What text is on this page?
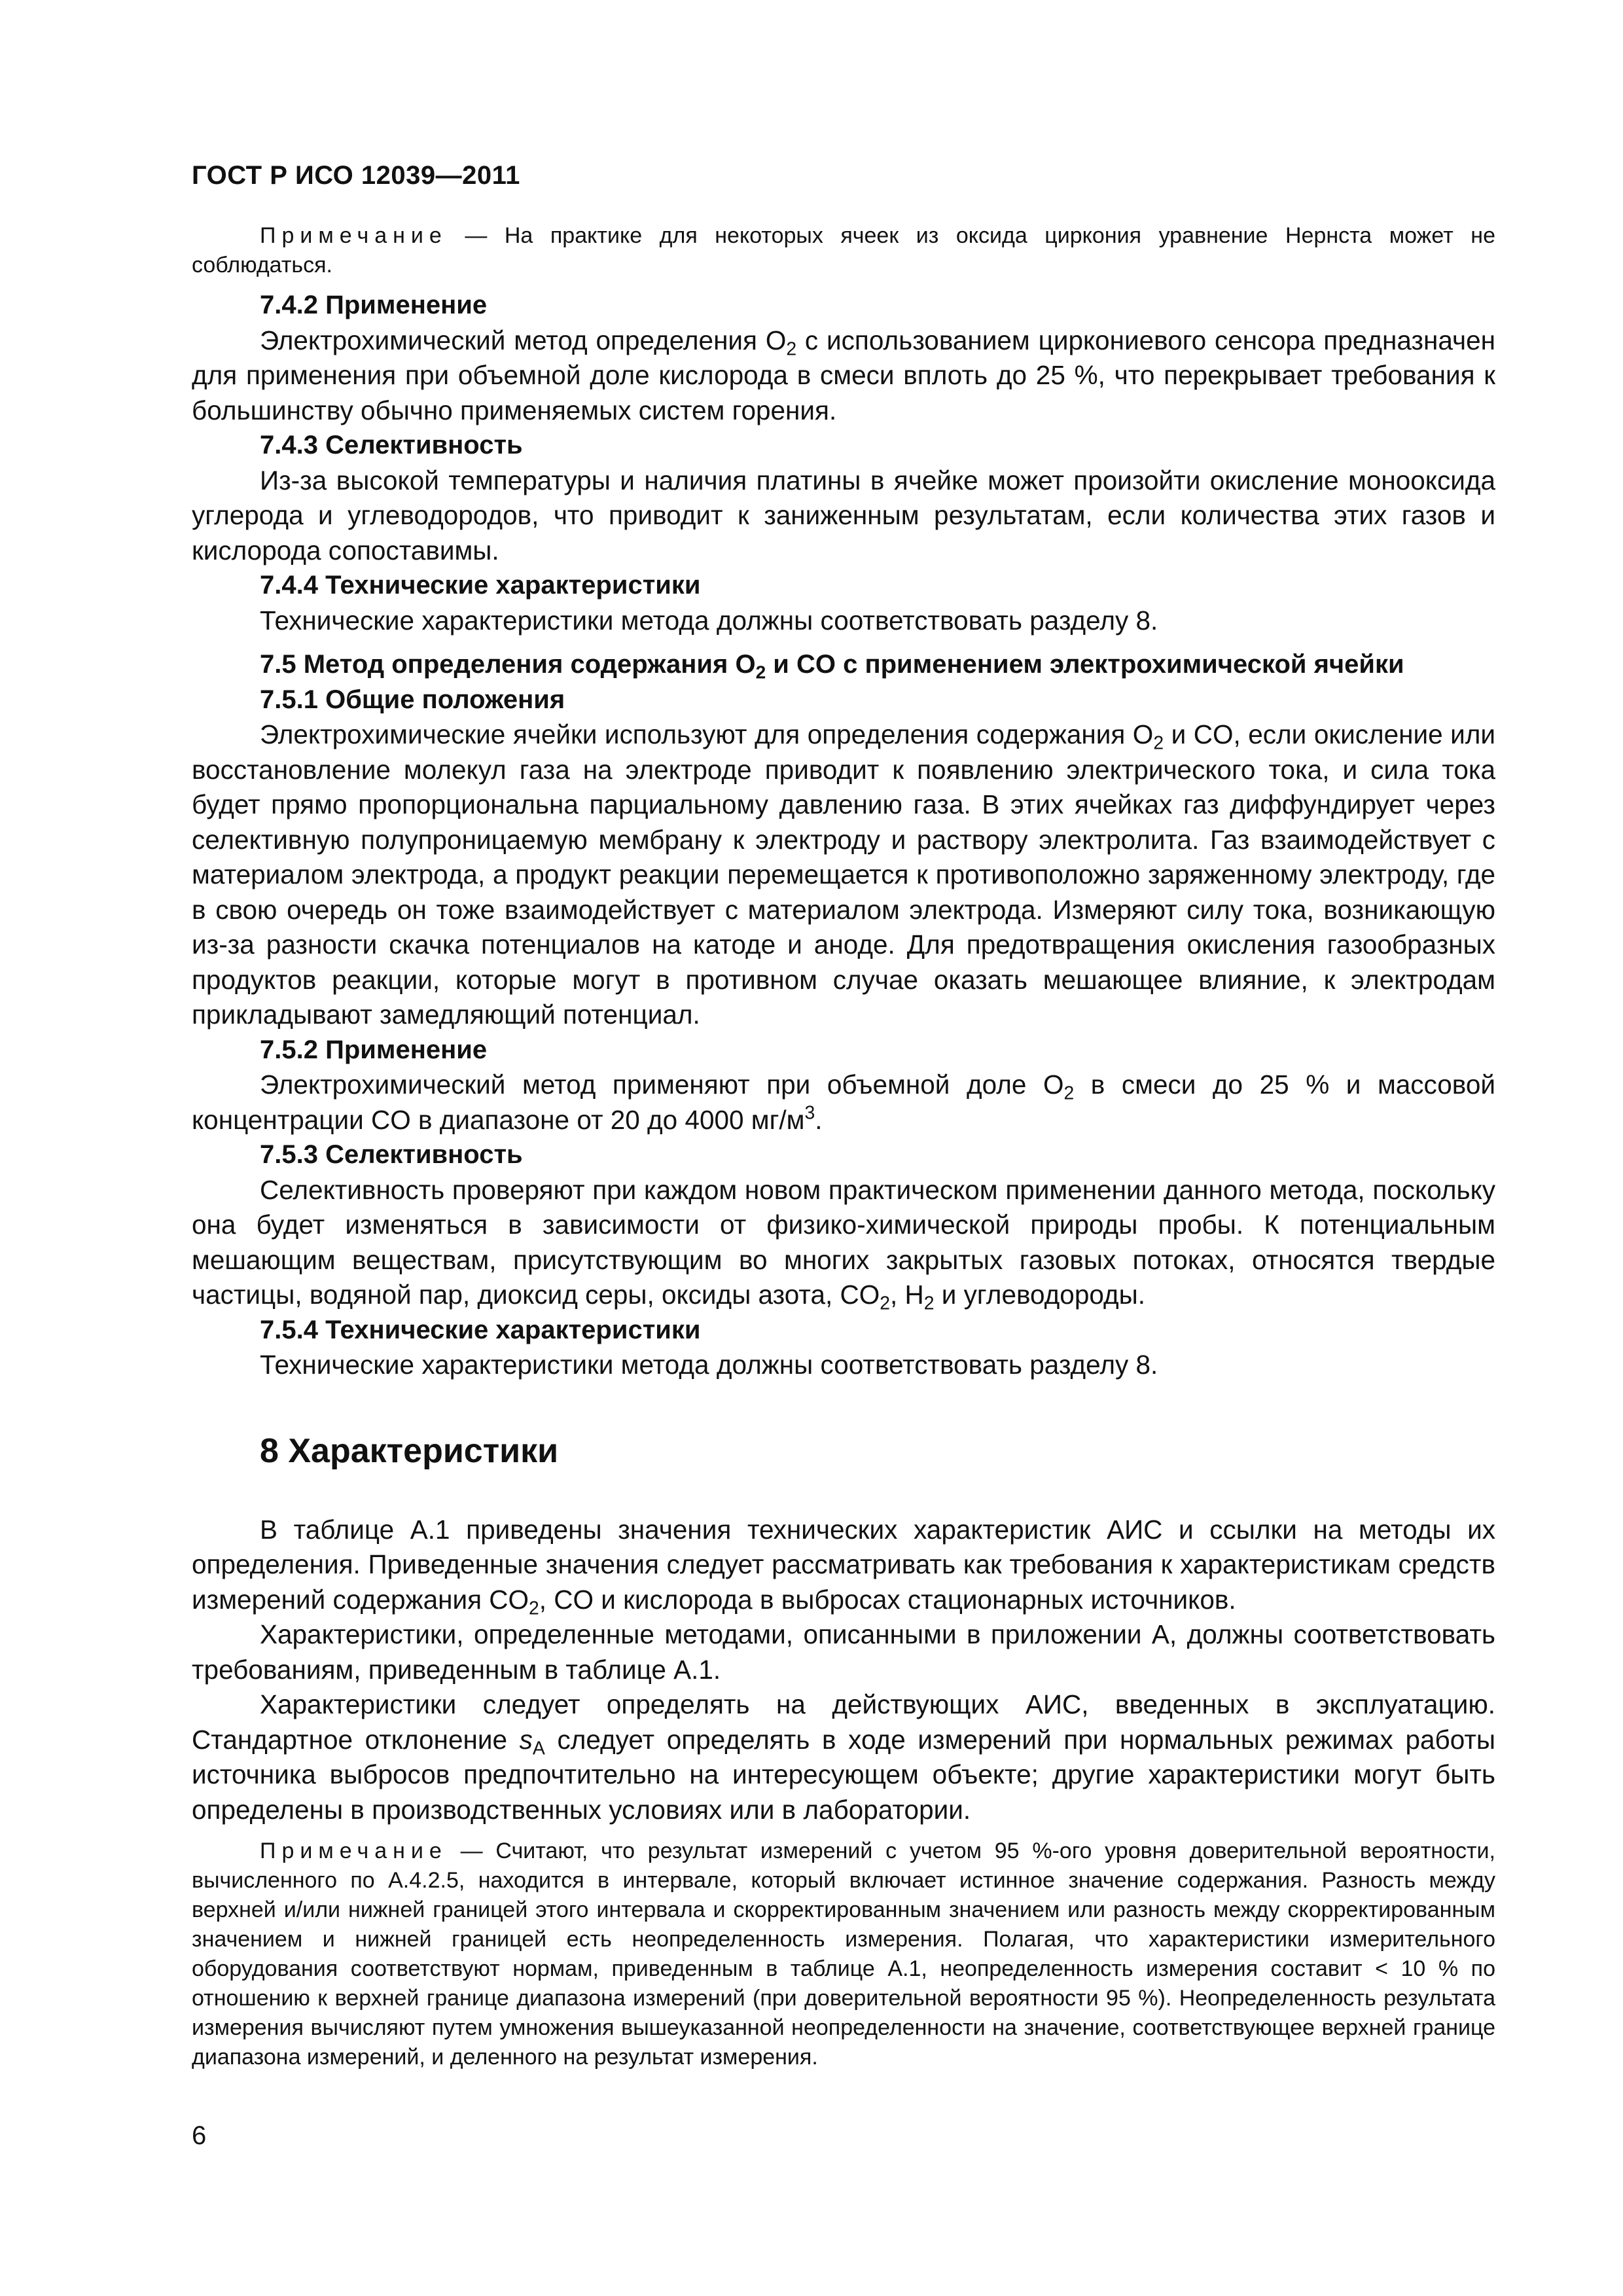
ГОСТ Р ИСО 12039—2011

Примечание — На практике для некоторых ячеек из оксида циркония уравнение Нернста может не соблюдаться.

7.4.2 Применение

Электрохимический метод определения $O_2$ с использованием циркониевого сенсора предназначен для применения при объемной доле кислорода в смеси вплоть до 25 %, что перекрывает требования к большинству обычно применяемых систем горения.

7.4.3 Селективность

Из-за высокой температуры и наличия платины в ячейке может произойти окисление монооксида углерода и углеводородов, что приводит к заниженным результатам, если количества этих газов и кислорода сопоставимы.

7.4.4 Технические характеристики

Технические характеристики метода должны соответствовать разделу 8.

7.5 Метод определения содержания $O_2$ и CO с применением электрохимической ячейки
7.5.1 Общие положения

Электрохимические ячейки используют для определения содержания $O_2$ и CO, если окисление или восстановление молекул газа на электроде приводит к появлению электрического тока, и сила тока будет прямо пропорциональна парциальному давлению газа. В этих ячейках газ диффундирует через селективную полупроницаемую мембрану к электроду и раствору электролита. Газ взаимодействует с материалом электрода, а продукт реакции перемещается к противоположно заряженному электроду, где в свою очередь он тоже взаимодействует с материалом электрода. Измеряют силу тока, возникающую из-за разности скачка потенциалов на катоде и аноде. Для предотвращения окисления газообразных продуктов реакции, которые могут в противном случае оказать мешающее влияние, к электродам прикладывают замедляющий потенциал.

7.5.2 Применение

Электрохимический метод применяют при объемной доле $O_2$ в смеси до 25 % и массовой концентрации CO в диапазоне от 20 до 4000 $мг/м^3$.

7.5.3 Селективность

Селективность проверяют при каждом новом практическом применении данного метода, поскольку она будет изменяться в зависимости от физико-химической природы пробы. К потенциальным мешающим веществам, присутствующим во многих закрытых газовых потоках, относятся твердые частицы, водяной пар, диоксид серы, оксиды азота, $CO_2$, $H_2$ и углеводороды.

7.5.4 Технические характеристики

Технические характеристики метода должны соответствовать разделу 8.

8 Характеристики

В таблице A.1 приведены значения технических характеристик АИС и ссылки на методы их определения. Приведенные значения следует рассматривать как требования к характеристикам средств измерений содержания $CO_2$, CO и кислорода в выбросах стационарных источников.

Характеристики, определенные методами, описанными в приложении A, должны соответствовать требованиям, приведенным в таблице A.1.

Характеристики следует определять на действующих АИС, введенных в эксплуатацию. Стандартное отклонение $s_A$ следует определять в ходе измерений при нормальных режимах работы источника выбросов предпочтительно на интересующем объекте; другие характеристики могут быть определены в производственных условиях или в лаборатории.

Примечание — Считают, что результат измерений с учетом 95 %-ого уровня доверительной вероятности, вычисленного по A.4.2.5, находится в интервале, который включает истинное значение содержания. Разность между верхней и/или нижней границей этого интервала и скорректированным значением или разность между скорректированным значением и нижней границей есть неопределенность измерения. Полагая, что характеристики измерительного оборудования соответствуют нормам, приведенным в таблице A.1, неопределенность измерения составит < 10 % по отношению к верхней границе диапазона измерений (при доверительной вероятности 95 %). Неопределенность результата измерения вычисляют путем умножения вышеуказанной неопределенности на значение, соответствующее верхней границе диапазона измерений, и деленного на результат измерения.

6
